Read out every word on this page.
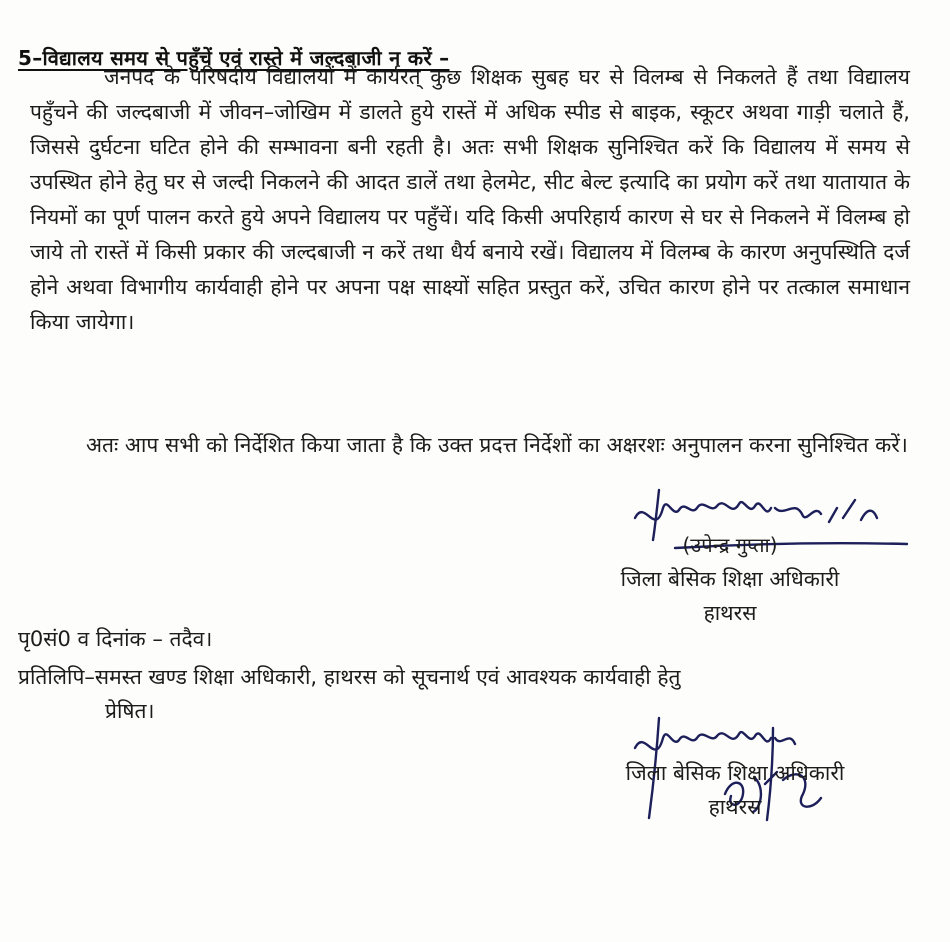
5–विद्यालय समय से पहुँचें एवं रास्ते में जल्दबाजी न करें –

जनपद के परिषदीय विद्यालयों में कार्यरत् कुछ शिक्षक सुबह घर से विलम्ब से निकलते हैं तथा विद्यालय पहुँचने की जल्दबाजी में जीवन–जोखिम में डालते हुये रास्तें में अधिक स्पीड से बाइक, स्कूटर अथवा गाड़ी चलाते हैं, जिससे दुर्घटना घटित होने की सम्भावना बनी रहती है। अतः सभी शिक्षक सुनिश्चित करें कि विद्यालय में समय से उपस्थित होने हेतु घर से जल्दी निकलने की आदत डालें तथा हेलमेट, सीट बेल्ट इत्यादि का प्रयोग करें तथा यातायात के नियमों का पूर्ण पालन करते हुये अपने विद्यालय पर पहुँचें। यदि किसी अपरिहार्य कारण से घर से निकलने में विलम्ब हो जाये तो रास्तें में किसी प्रकार की जल्दबाजी न करें तथा धैर्य बनाये रखें। विद्यालय में विलम्ब के कारण अनुपस्थिति दर्ज होने अथवा विभागीय कार्यवाही होने पर अपना पक्ष साक्ष्यों सहित प्रस्तुत करें, उचित कारण होने पर तत्काल समाधान किया जायेगा।

अतः आप सभी को निर्देशित किया जाता है कि उक्त प्रदत्त निर्देशों का अक्षरशः अनुपालन करना सुनिश्चित करें।

(उपेन्द्र गुप्ता)
जिला बेसिक शिक्षा अधिकारी
हाथरस
पृ0सं0 व दिनांक – तदैव।
प्रतिलिपि–समस्त खण्ड शिक्षा अधिकारी, हाथरस को सूचनार्थ एवं आवश्यक कार्यवाही हेतु
प्रेषित।
जिला बेसिक शिक्षा अधिकारी
हाथरस
